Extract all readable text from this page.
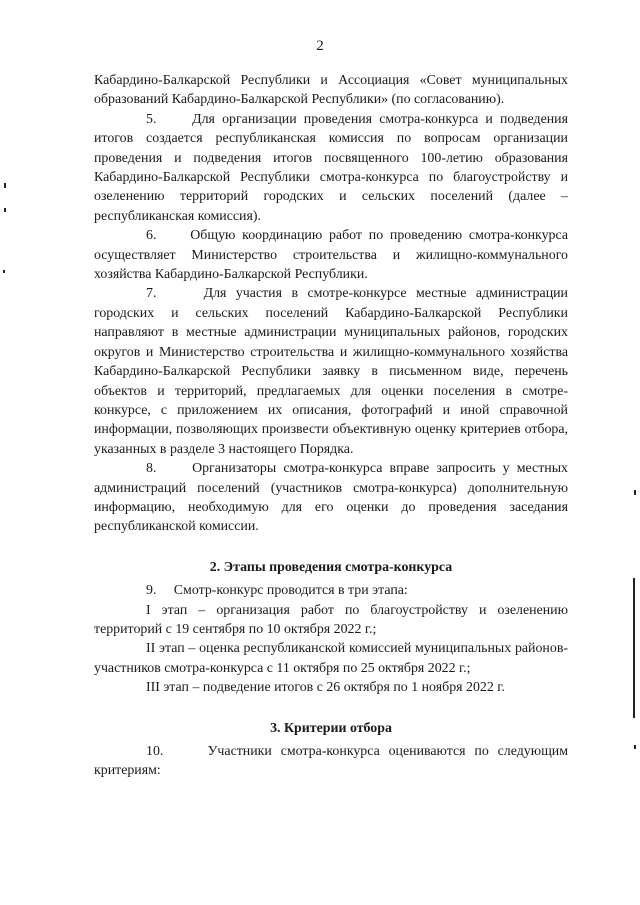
2

Кабардино-Балкарской Республики и Ассоциация «Совет муниципальных образований Кабардино-Балкарской Республики» (по согласованию).

5.     Для организации проведения смотра-конкурса и подведения итогов создается республиканская комиссия по вопросам организации проведения и подведения итогов посвященного 100-летию образования Кабардино-Балкарской Республики смотра-конкурса по благоустройству и озеленению территорий городских и сельских поселений (далее – республиканская комиссия).

6.     Общую координацию работ по проведению смотра-конкурса осуществляет Министерство строительства и жилищно-коммунального хозяйства Кабардино-Балкарской Республики.

7.     Для участия в смотре-конкурсе местные администрации городских и сельских поселений Кабардино-Балкарской Республики направляют в местные администрации муниципальных районов, городских округов и Министерство строительства и жилищно-коммунального хозяйства Кабардино-Балкарской Республики заявку в письменном виде, перечень объектов и территорий, предлагаемых для оценки поселения в смотре-конкурсе, с приложением их описания, фотографий и иной справочной информации, позволяющих произвести объективную оценку критериев отбора, указанных в разделе 3 настоящего Порядка.

8.     Организаторы смотра-конкурса вправе запросить у местных администраций поселений (участников смотра-конкурса) дополнительную информацию, необходимую для его оценки до проведения заседания республиканской комиссии.

2. Этапы проведения смотра-конкурса

9.     Смотр-конкурс проводится в три этапа:

I этап – организация работ по благоустройству и озеленению территорий с 19 сентября по 10 октября 2022 г.;

II этап – оценка республиканской комиссией муниципальных районов-участников смотра-конкурса с 11 октября по 25 октября 2022 г.;

III этап – подведение итогов с 26 октября по 1 ноября 2022 г.

3. Критерии отбора

10.     Участники смотра-конкурса оцениваются по следующим критериям:
